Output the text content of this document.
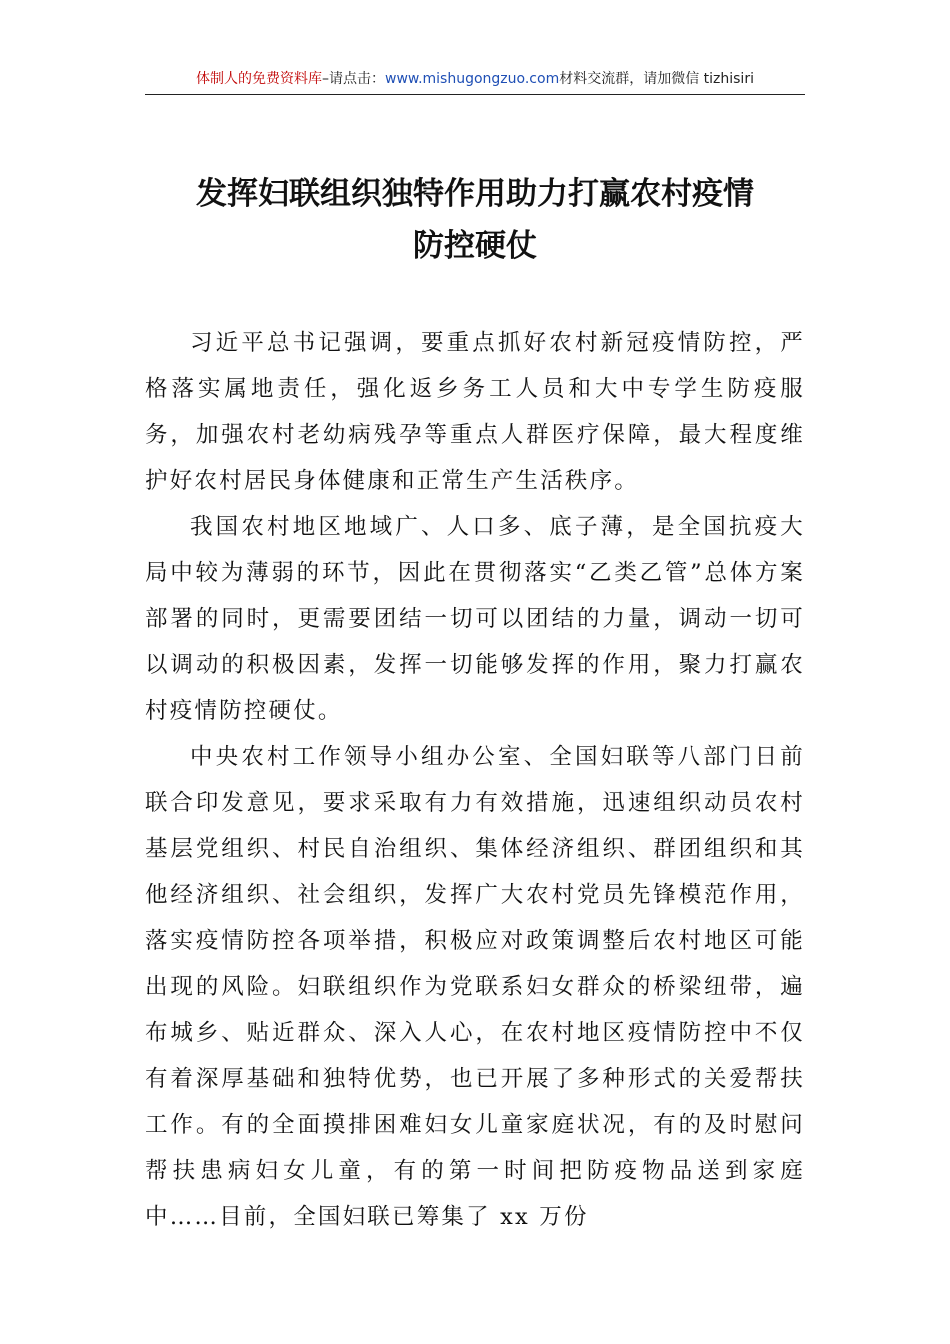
体制人的免费资料库–请点击：www.mishugongzuo.com材料交流群，请加微信 tizhisiri
发挥妇联组织独特作用助力打赢农村疫情
防控硬仗

习近平总书记强调，要重点抓好农村新冠疫情防控，严格落实属地责任，强化返乡务工人员和大中专学生防疫服务，加强农村老幼病残孕等重点人群医疗保障，最大程度维护好农村居民身体健康和正常生产生活秩序。

我国农村地区地域广、人口多、底子薄，是全国抗疫大局中较为薄弱的环节，因此在贯彻落实“乙类乙管”总体方案部署的同时，更需要团结一切可以团结的力量，调动一切可以调动的积极因素，发挥一切能够发挥的作用，聚力打赢农村疫情防控硬仗。

中央农村工作领导小组办公室、全国妇联等八部门日前联合印发意见，要求采取有力有效措施，迅速组织动员农村基层党组织、村民自治组织、集体经济组织、群团组织和其他经济组织、社会组织，发挥广大农村党员先锋模范作用，落实疫情防控各项举措，积极应对政策调整后农村地区可能出现的风险。妇联组织作为党联系妇女群众的桥梁纽带，遍布城乡、贴近群众、深入人心，在农村地区疫情防控中不仅有着深厚基础和独特优势，也已开展了多种形式的关爱帮扶工作。有的全面摸排困难妇女儿童家庭状况，有的及时慰问帮扶患病妇女儿童，有的第一时间把防疫物品送到家庭中……目前，全国妇联已筹集了 xx 万份
